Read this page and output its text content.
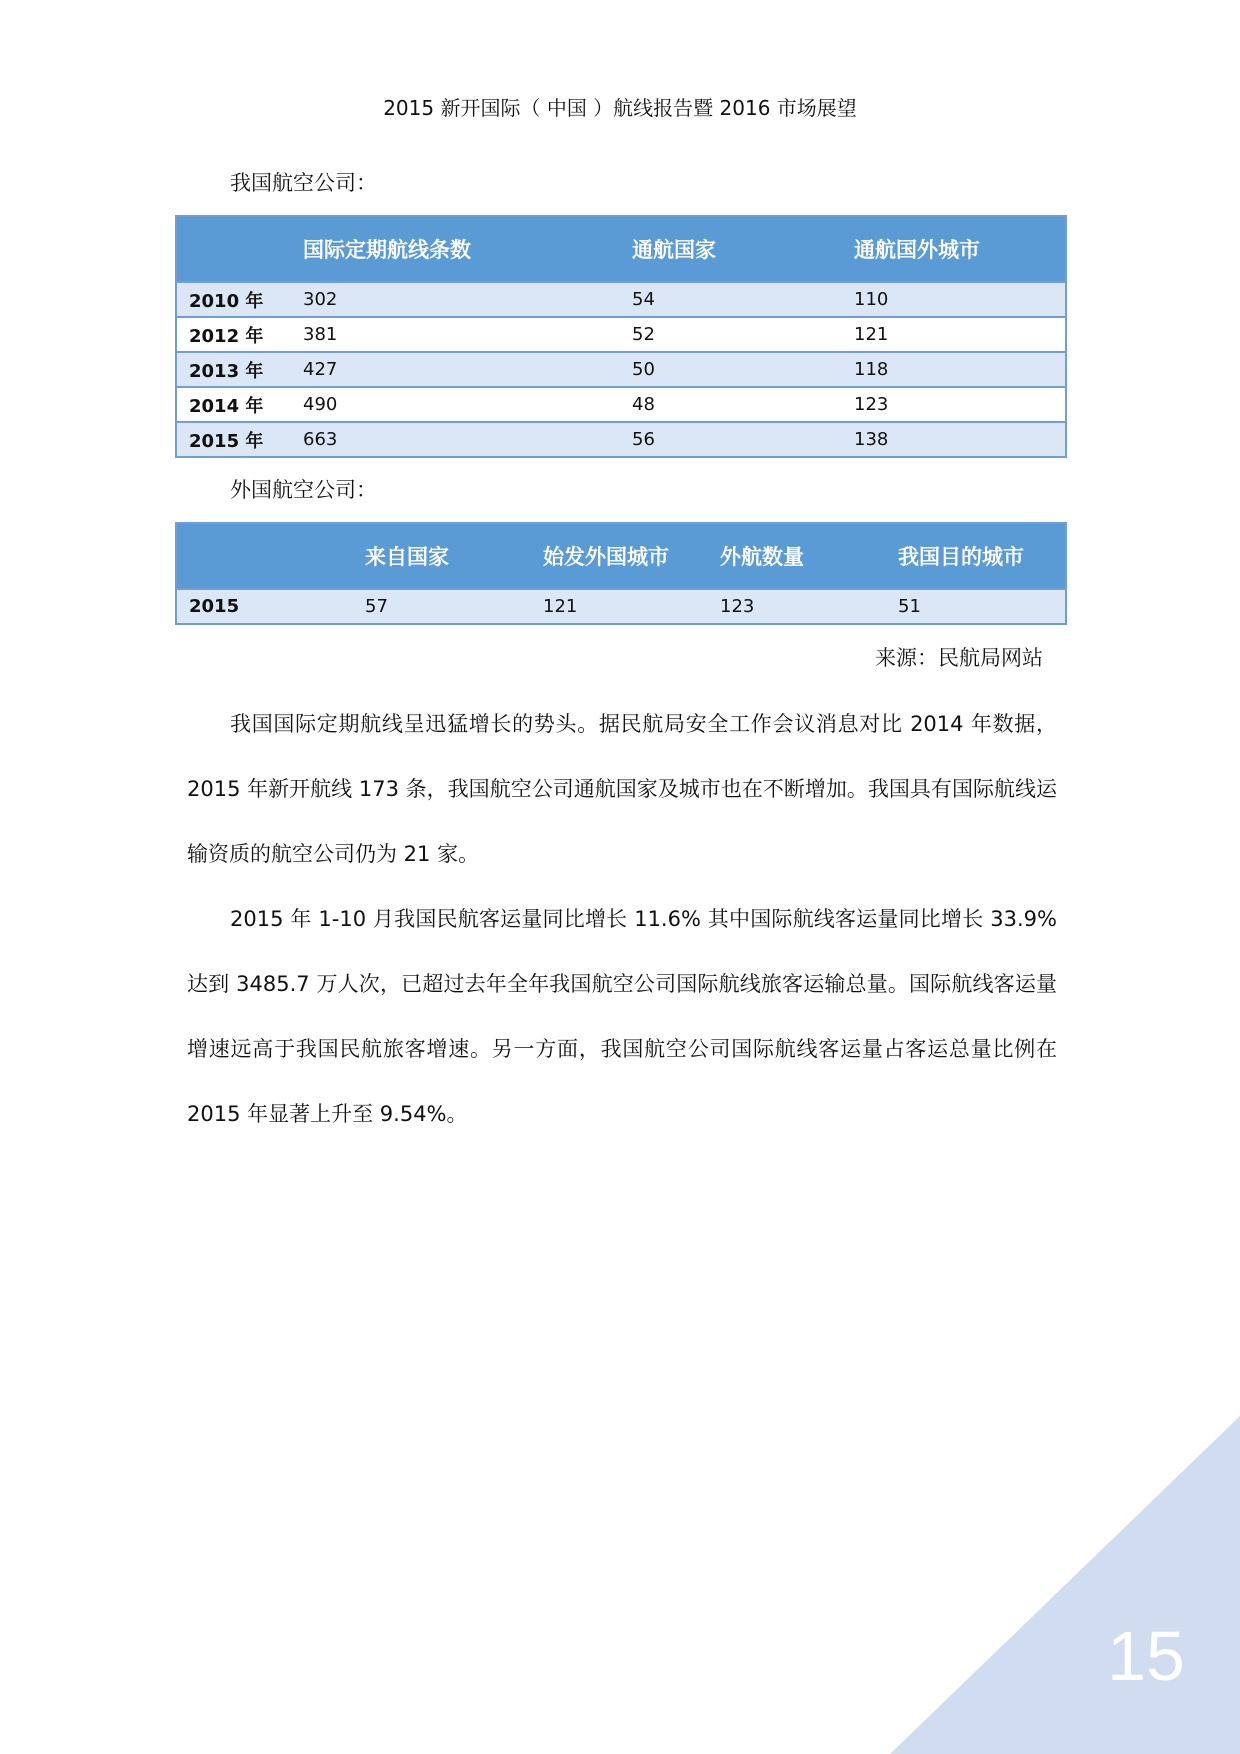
2015 新开国际（ 中国 ）航线报告暨 2016 市场展望
我国航空公司：
	国际定期航线条数	通航国家	通航国外城市
2010 年	302	54	110
2012 年	381	52	121
2013 年	427	50	118
2014 年	490	48	123
2015 年	663	56	138
外国航空公司：
	来自国家	始发外国城市	外航数量	我国目的城市
2015	57	121	123	51
来源：民航局网站

我国国际定期航线呈迅猛增长的势头。据民航局安全工作会议消息对比 2014 年数据，2015 年新开航线 173 条，我国航空公司通航国家及城市也在不断增加。我国具有国际航线运输资质的航空公司仍为 21 家。

2015 年 1-10 月我国民航客运量同比增长 11.6% 其中国际航线客运量同比增长 33.9% 达到 3485.7 万人次，已超过去年全年我国航空公司国际航线旅客运输总量。国际航线客运量增速远高于我国民航旅客增速。另一方面，我国航空公司国际航线客运量占客运总量比例在 2015 年显著上升至 9.54%。

15
